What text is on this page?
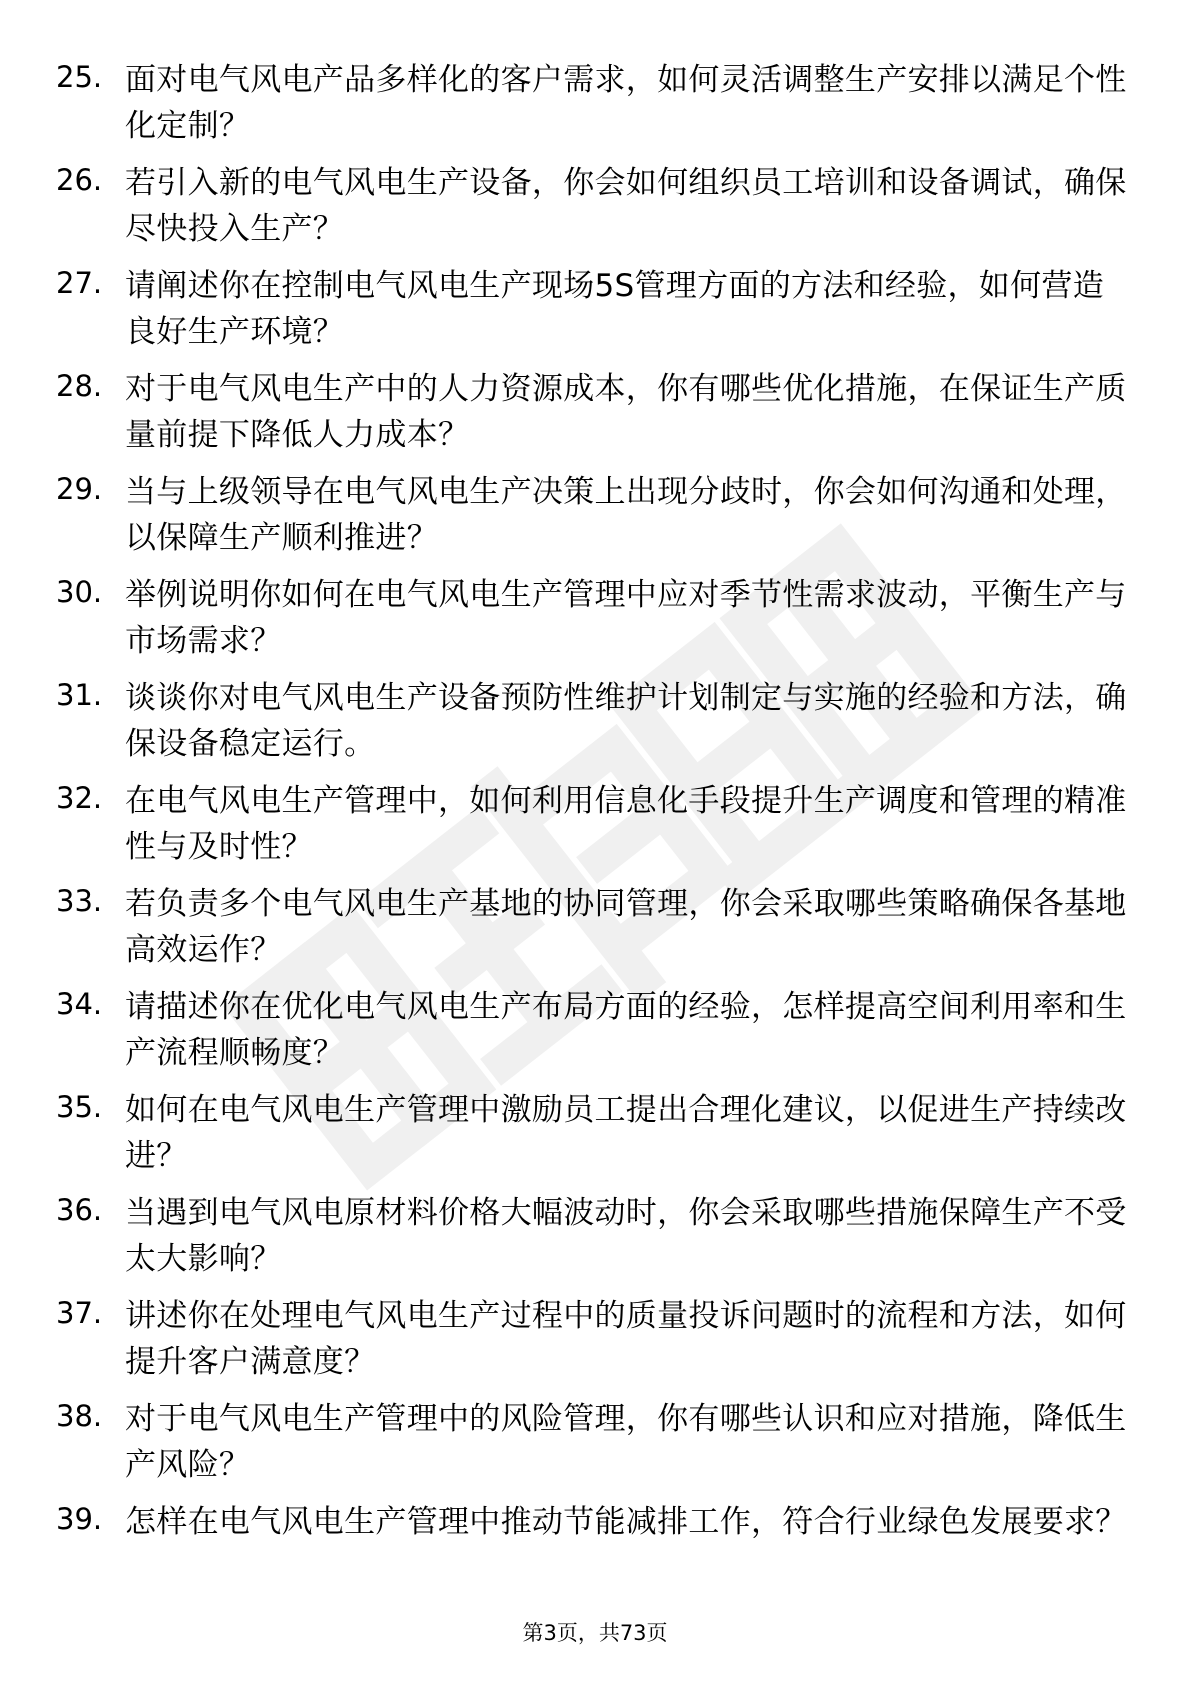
25. 面对电气风电产品多样化的客户需求，如何灵活调整生产安排以满足个性化定制？

26. 若引入新的电气风电生产设备，你会如何组织员工培训和设备调试，确保尽快投入生产？

27. 请阐述你在控制电气风电生产现场5S管理方面的方法和经验，如何营造良好生产环境？

28. 对于电气风电生产中的人力资源成本，你有哪些优化措施，在保证生产质量前提下降低人力成本？

29. 当与上级领导在电气风电生产决策上出现分歧时，你会如何沟通和处理，以保障生产顺利推进？

30. 举例说明你如何在电气风电生产管理中应对季节性需求波动，平衡生产与市场需求？

31. 谈谈你对电气风电生产设备预防性维护计划制定与实施的经验和方法，确保设备稳定运行。

32. 在电气风电生产管理中，如何利用信息化手段提升生产调度和管理的精准性与及时性？

33. 若负责多个电气风电生产基地的协同管理，你会采取哪些策略确保各基地高效运作？

34. 请描述你在优化电气风电生产布局方面的经验，怎样提高空间利用率和生产流程顺畅度？

35. 如何在电气风电生产管理中激励员工提出合理化建议，以促进生产持续改进？

36. 当遇到电气风电原材料价格大幅波动时，你会采取哪些措施保障生产不受太大影响？

37. 讲述你在处理电气风电生产过程中的质量投诉问题时的流程和方法，如何提升客户满意度？

38. 对于电气风电生产管理中的风险管理，你有哪些认识和应对措施，降低生产风险？

39. 怎样在电气风电生产管理中推动节能减排工作，符合行业绿色发展要求？

第3页，共73页
